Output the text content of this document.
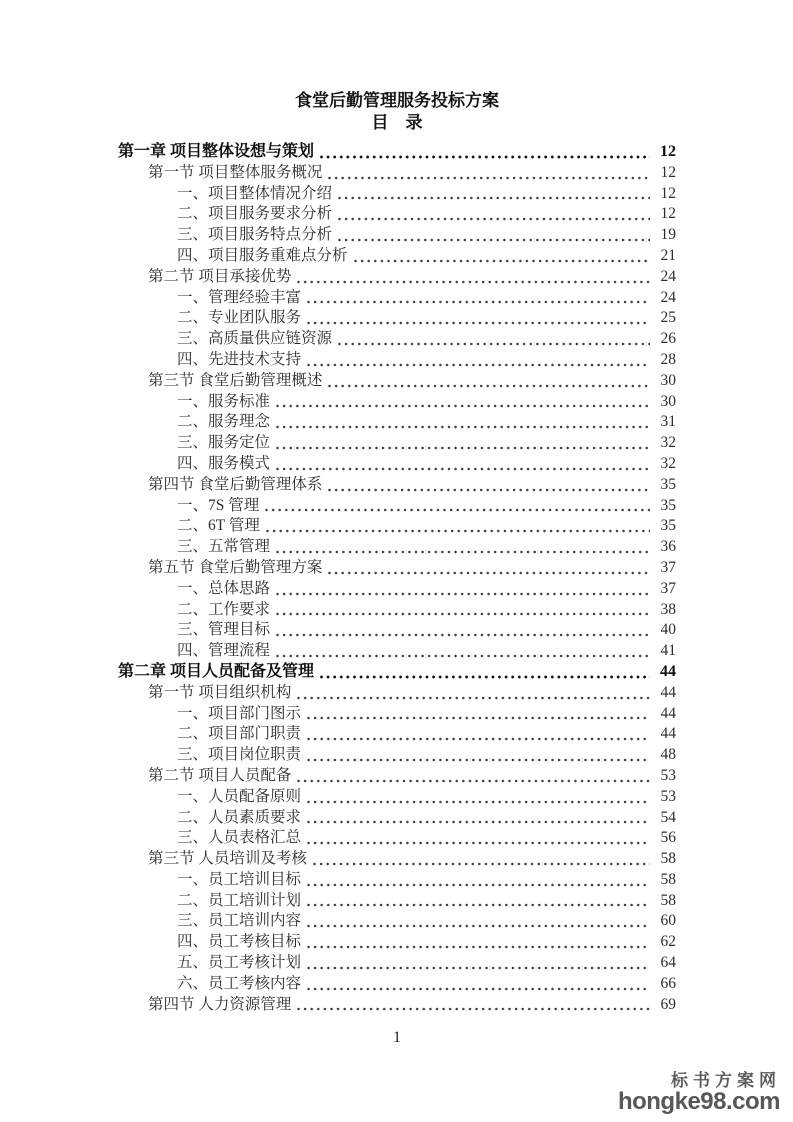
食堂后勤管理服务投标方案
目　录
第一章 项目整体设想与策划	12
第一节 项目整体服务概况	12
一、项目整体情况介绍	12
二、项目服务要求分析	12
三、项目服务特点分析	19
四、项目服务重难点分析	21
第二节 项目承接优势	24
一、管理经验丰富	24
二、专业团队服务	25
三、高质量供应链资源	26
四、先进技术支持	28
第三节 食堂后勤管理概述	30
一、服务标准	30
二、服务理念	31
三、服务定位	32
四、服务模式	32
第四节 食堂后勤管理体系	35
一、7S 管理	35
二、6T 管理	35
三、五常管理	36
第五节 食堂后勤管理方案	37
一、总体思路	37
二、工作要求	38
三、管理目标	40
四、管理流程	41
第二章 项目人员配备及管理	44
第一节 项目组织机构	44
一、项目部门图示	44
二、项目部门职责	44
三、项目岗位职责	48
第二节 项目人员配备	53
一、人员配备原则	53
二、人员素质要求	54
三、人员表格汇总	56
第三节 人员培训及考核	58
一、员工培训目标	58
二、员工培训计划	58
三、员工培训内容	60
四、员工考核目标	62
五、员工考核计划	64
六、员工考核内容	66
第四节 人力资源管理	69
1
标书方案网
hongke98.com
